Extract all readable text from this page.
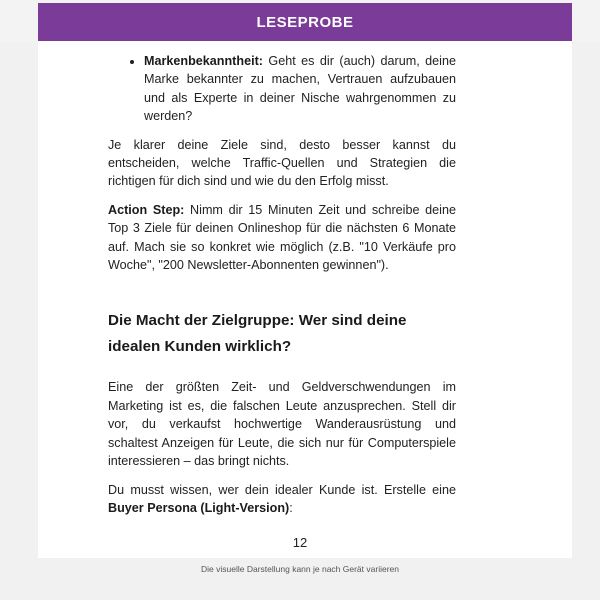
LESEPROBE
• Markenbekanntheit: Geht es dir (auch) darum, deine Marke bekannter zu machen, Vertrauen aufzubauen und als Experte in deiner Nische wahrgenommen zu werden?

Je klarer deine Ziele sind, desto besser kannst du entscheiden, welche Traffic-Quellen und Strategien die richtigen für dich sind und wie du den Erfolg misst.

Action Step: Nimm dir 15 Minuten Zeit und schreibe deine Top 3 Ziele für deinen Onlineshop für die nächsten 6 Monate auf. Mach sie so konkret wie möglich (z.B. "10 Verkäufe pro Woche", "200 Newsletter-Abonnenten gewinnen").

Die Macht der Zielgruppe: Wer sind deine idealen Kunden wirklich?

Eine der größten Zeit- und Geldverschwendungen im Marketing ist es, die falschen Leute anzusprechen. Stell dir vor, du verkaufst hochwertige Wanderausrüstung und schaltest Anzeigen für Leute, die sich nur für Computerspiele interessieren – das bringt nichts.

Du musst wissen, wer dein idealer Kunde ist. Erstelle eine Buyer Persona (Light-Version):

12
Die visuelle Darstellung kann je nach Gerät variieren
